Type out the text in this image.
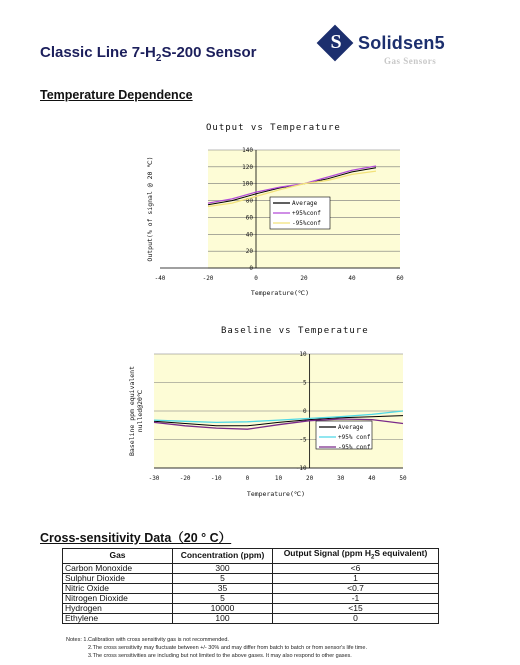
Classic Line $7-H_2S-200$ Sensor	S Solidsen5
Gas Sensors
Temperature Dependence
Output vs Temperature
-40	-20	0	20	40	60
0
20
40
60
80
100
120
140
Temperature(℃)
Output(% of signal @ 20 ℃)	Average
+95%conf
-95%conf
Baseline vs Temperature
-30	-20	-10	0	10	20	30	40	50
-10
-5
0
5
10
Temperature(℃)
Baseline ppm equivalentnulled@20℃	Average
+95% conf
-95% conf
Cross-sensitivity Data（20 ° C）
Gas	Concentration (ppm)	Output Signal (ppm $H_2S$ equivalent)
Carbon Monoxide	300	<6
Sulphur Dioxide	5	1
Nitric Oxide	35	<0.7
Nitrogen Dioxide	5	-1
Hydrogen	10000	<15
Ethylene	100	0
Notes: 1.Calibration with cross sensitivity gas is not recommended.
2.The cross sensitivity may fluctuate between +/- 30% and may differ from batch to batch or from sensor's life time.
3.The cross sensitivities are including but not limited to the above gases. It may also respond to other gases.
